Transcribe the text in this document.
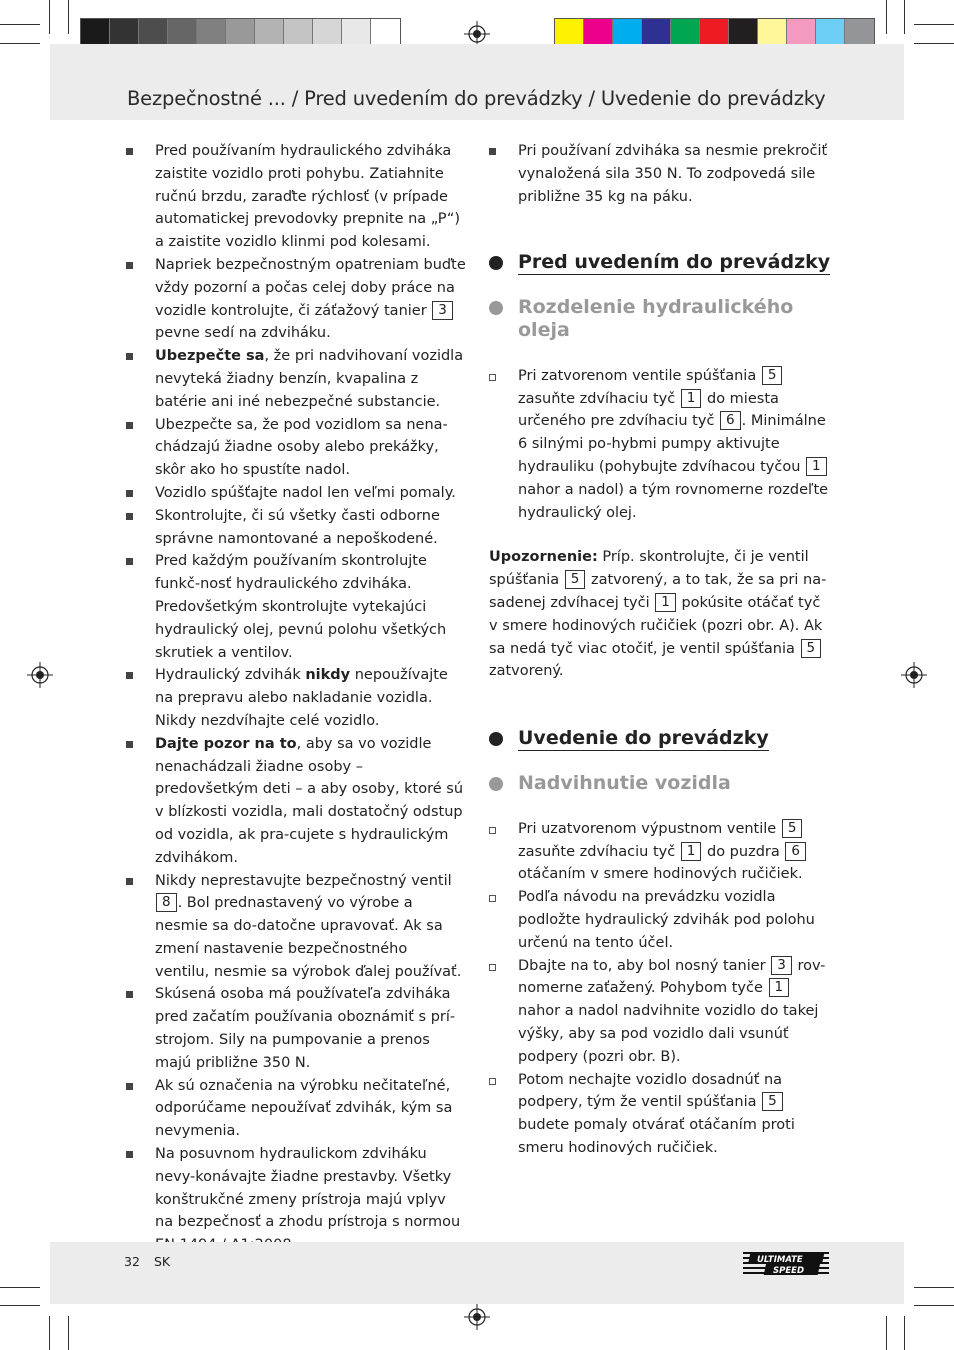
Bezpečnostné ... / Pred uvedením do prevádzky / Uvedenie do prevádzky
Pred používaním hydraulického zdviháka zaistite vozidlo proti pohybu. Zatiahnite ručnú brzdu, zaraďte rýchlosť (v prípade automatickej prevodovky prepnite na „P“) a zaistite vozidlo klinmi pod kolesami.
Napriek bezpečnostným opatreniam buďte vždy pozorní a počas celej doby práce na vozidle kontrolujte, či záťažový tanier 3 pevne sedí na zdviháku.
Ubezpečte sa, že pri nadvihovaní vozidla nevyteká žiadny benzín, kvapalina z batérie ani iné nebezpečné substancie.
Ubezpečte sa, že pod vozidlom sa nena-chádzajú žiadne osoby alebo prekážky, skôr ako ho spustíte nadol.
Vozidlo spúšťajte nadol len veľmi pomaly.
Skontrolujte, či sú všetky časti odborne správne namontované a nepoškodené.
Pred každým používaním skontrolujte funkč-nosť hydraulického zdviháka. Predovšetkým skontrolujte vytekajúci hydraulický olej, pevnú polohu všetkých skrutiek a ventilov.
Hydraulický zdvihák nikdy nepoužívajte na prepravu alebo nakladanie vozidla. Nikdy nezdvíhajte celé vozidlo.
Dajte pozor na to, aby sa vo vozidle nenachádzali žiadne osoby – predovšetkým deti – a aby osoby, ktoré sú v blízkosti vozidla, mali dostatočný odstup od vozidla, ak pra-cujete s hydraulickým zdvihákom.
Nikdy neprestavujte bezpečnostný ventil 8 . Bol prednastavený vo výrobe a nesmie sa do-datočne upravovať. Ak sa zmení nastavenie bezpečnostného ventilu, nesmie sa výrobok ďalej používať.
Skúsená osoba má používateľa zdviháka pred začatím používania oboznámiť s prí-strojom. Sily na pumpovanie a prenos majú približne 350 N.
Ak sú označenia na výrobku nečitateľné, odporúčame nepoužívať zdvihák, kým sa nevymenia.
Na posuvnom hydraulickom zdviháku nevy-konávajte žiadne prestavby. Všetky konštrukčné zmeny prístroja majú vplyv na bezpečnosť a zhodu prístroja s normou
Pri používaní zdviháka sa nesmie prekročiť vynaložená sila 350 N. To zodpovedá sile približne 35 kg na páku.
Pred uvedením do prevádzky
Rozdelenie hydraulického oleja
Pri zatvorenom ventile spúšťania 5 zasuňte zdvíhaciu tyč 1 do miesta určeného pre zdvíhaciu tyč 6 . Minimálne 6 silnými po-hybmi pumpy aktivujte hydrauliku (pohybujte zdvíhacou tyčou 1 nahor a nadol) a tým rovnomerne rozdeľte hydraulický olej.

Upozornenie: Príp. skontrolujte, či je ventil spúšťania 5 zatvorený, a to tak, že sa pri na-sadenej zdvíhacej tyči 1 pokúsite otáčať tyč v smere hodinových ručičiek (pozri obr. A). Ak sa nedá tyč viac otočiť, je ventil spúšťania 5 zatvorený.

Uvedenie do prevádzky
Nadvihnutie vozidla
Pri uzatvorenom výpustnom ventile 5 zasuňte zdvíhaciu tyč 1 do puzdra 6 otáčaním v smere hodinových ručičiek.
Podľa návodu na prevádzku vozidla podložte hydraulický zdvihák pod polohu určenú na tento účel.
Dbajte na to, aby bol nosný tanier 3 rov-nomerne zaťažený. Pohybom tyče 1 nahor a nadol nadvihnite vozidlo do takej výšky, aby sa pod vozidlo dali vsunúť podpery (pozri obr. B).
Potom nechajte vozidlo dosadnúť na podpery, tým že ventil spúšťania 5 budete pomaly otvárať otáčaním proti smeru hodinových ručičiek.
32 SK	ULTIMATE
SPEED
